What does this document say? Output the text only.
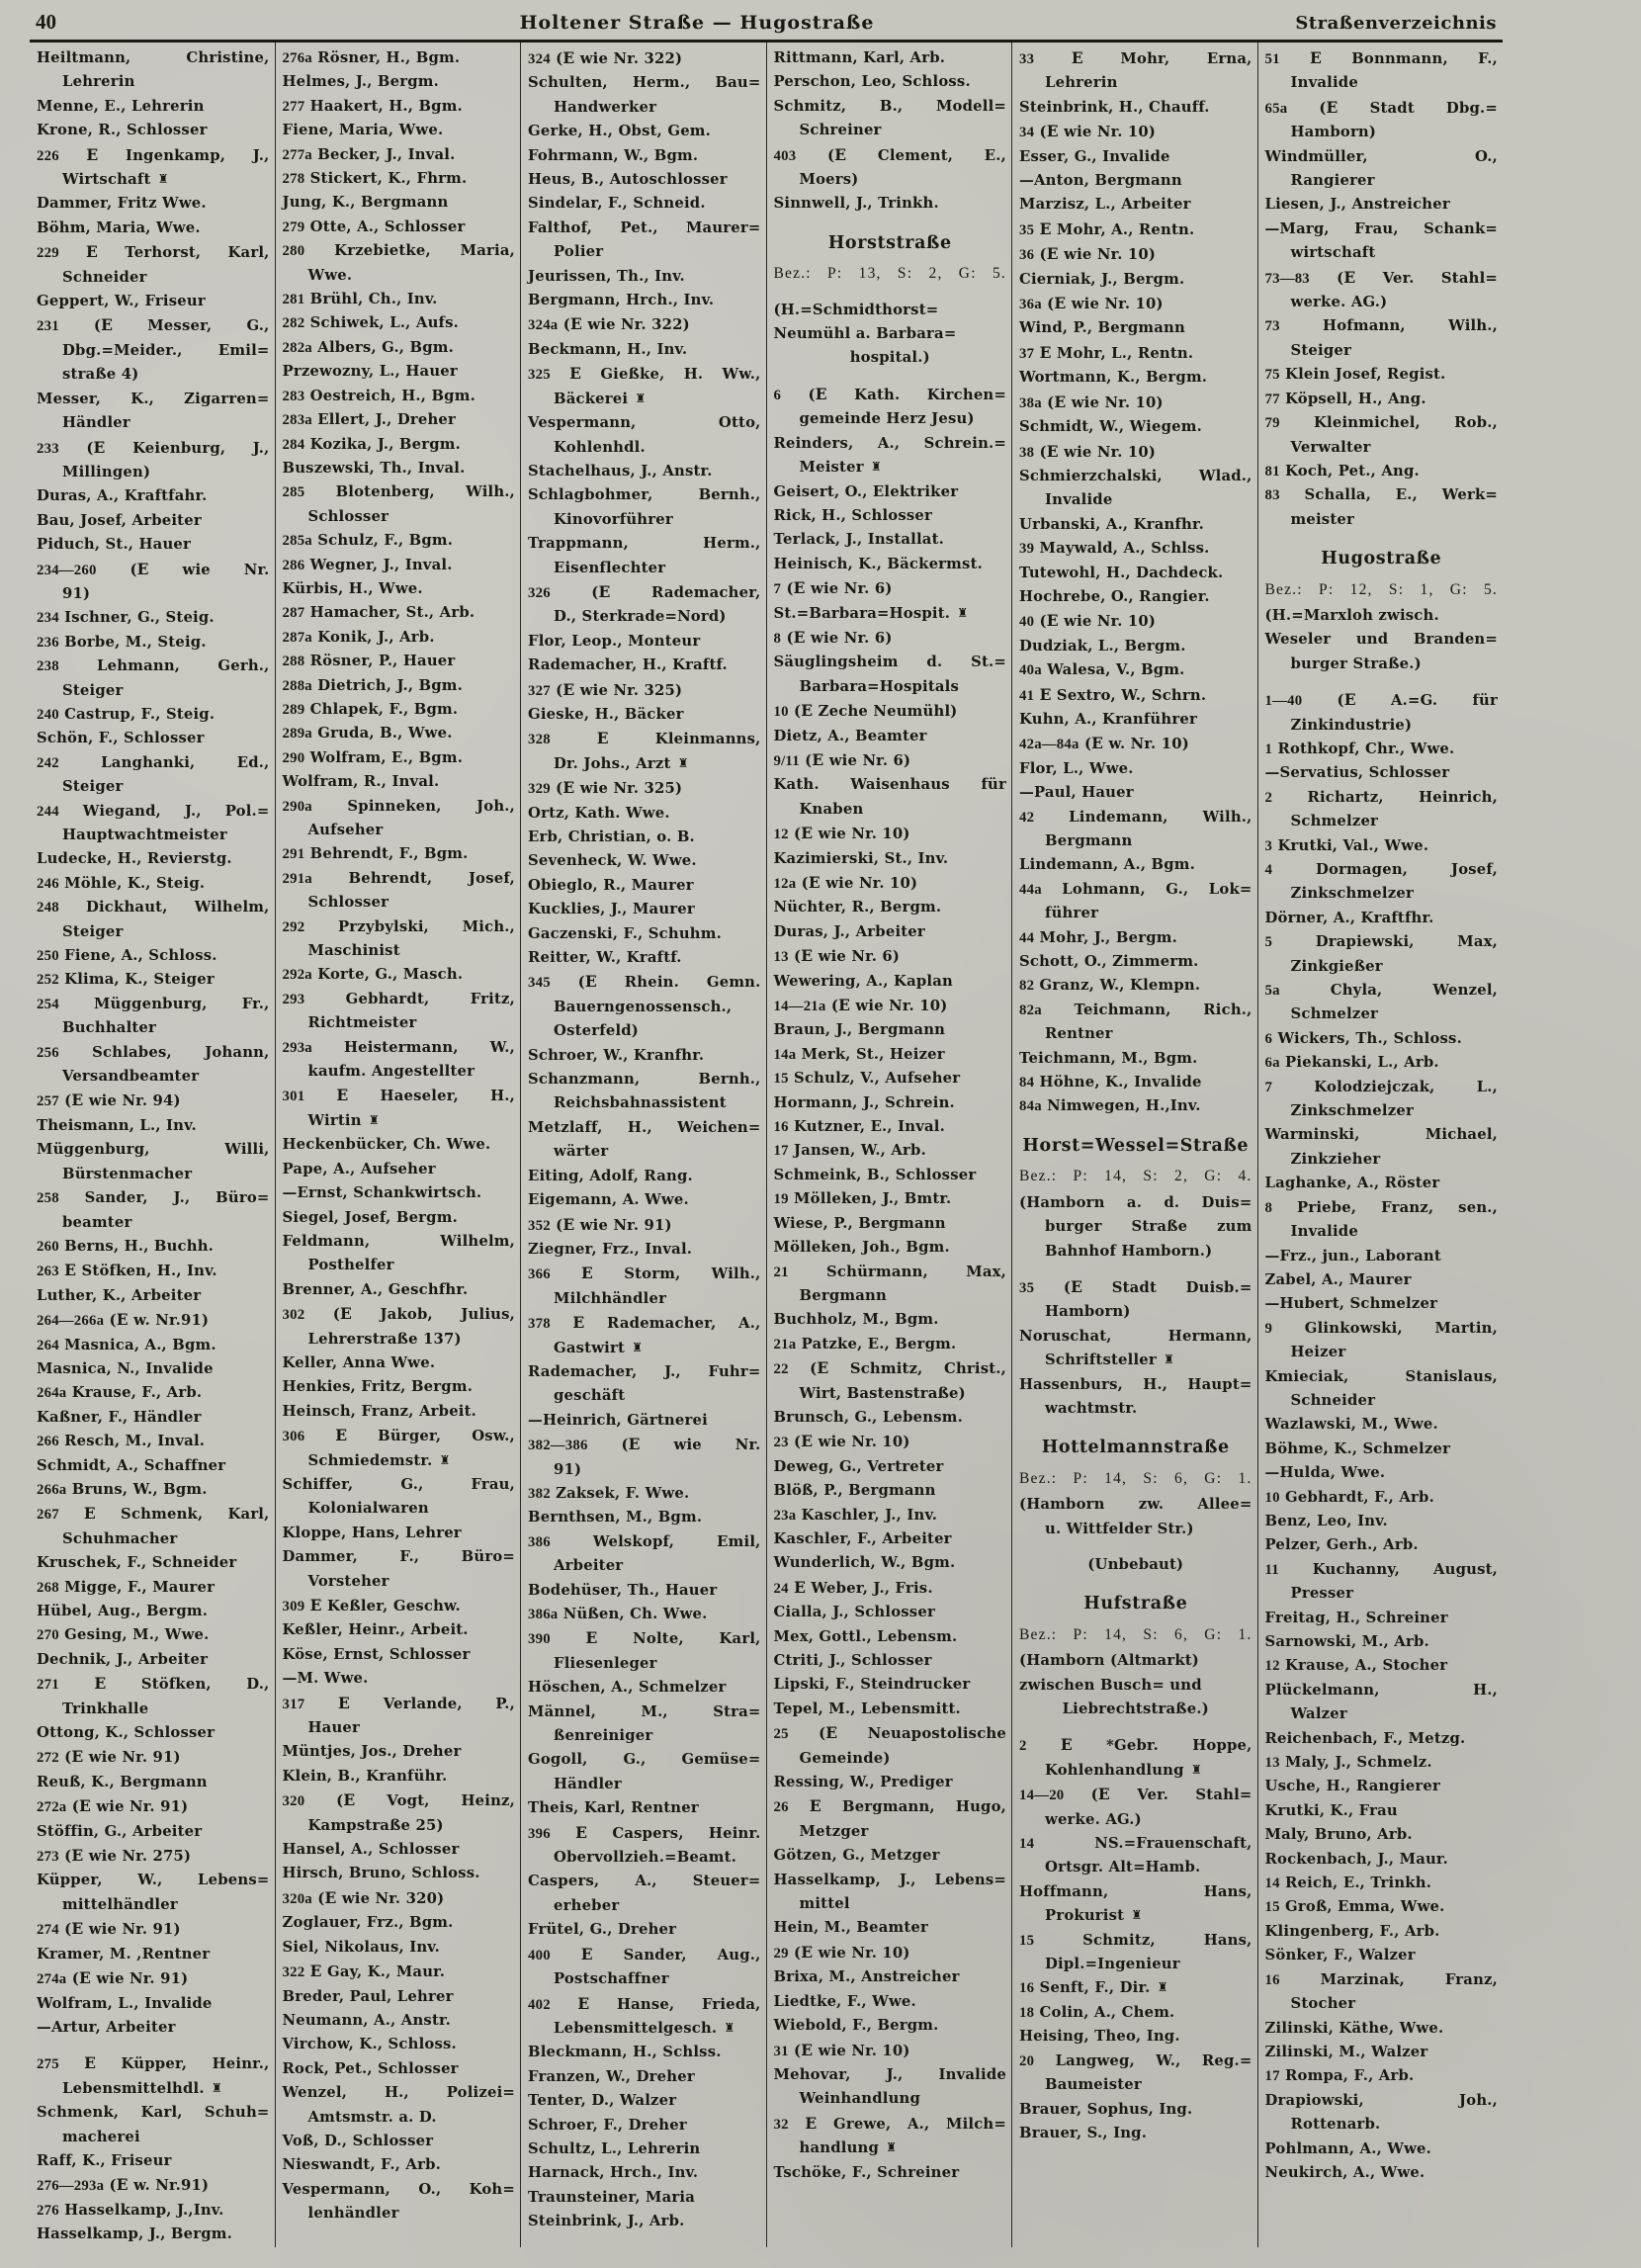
40	Holtener Straße — Hugostraße	Straßenverzeichnis
Heiltmann, Christine,
Lehrerin
Menne, E., Lehrerin
Krone, R., Schlosser
226 E Ingenkamp, J.,
Wirtschaft ♜
Dammer, Fritz Wwe.
Böhm, Maria, Wwe.
229 E Terhorst, Karl,
Schneider
Geppert, W., Friseur
231 (E Messer, G.,
Dbg.=Meider., Emil=
straße 4)
Messer, K., Zigarren=
Händler
233 (E Keienburg, J.,
Millingen)
Duras, A., Kraftfahr.
Bau, Josef, Arbeiter
Piduch, St., Hauer
234—260 (E wie Nr.
91)
234 Ischner, G., Steig.
236 Borbe, M., Steig.
238 Lehmann, Gerh.,
Steiger
240 Castrup, F., Steig.
Schön, F., Schlosser
242 Langhanki, Ed.,
Steiger
244 Wiegand, J., Pol.=
Hauptwachtmeister
Ludecke, H., Revierstg.
246 Möhle, K., Steig.
248 Dickhaut, Wilhelm,
Steiger
250 Fiene, A., Schloss.
252 Klima, K., Steiger
254 Müggenburg, Fr.,
Buchhalter
256 Schlabes, Johann,
Versandbeamter
257 (E wie Nr. 94)
Theismann, L., Inv.
Müggenburg, Willi,
Bürstenmacher
258 Sander, J., Büro=
beamter
260 Berns, H., Buchh.
263 E Stöfken, H., Inv.
Luther, K., Arbeiter
264—266a (E w. Nr.91)
264 Masnica, A., Bgm.
Masnica, N., Invalide
264a Krause, F., Arb.
Kaßner, F., Händler
266 Resch, M., Inval.
Schmidt, A., Schaffner
266a Bruns, W., Bgm.
267 E Schmenk, Karl,
Schuhmacher
Kruschek, F., Schneider
268 Migge, F., Maurer
Hübel, Aug., Bergm.
270 Gesing, M., Wwe.
Dechnik, J., Arbeiter
271 E Stöfken, D.,
Trinkhalle
Ottong, K., Schlosser
272 (E wie Nr. 91)
Reuß, K., Bergmann
272a (E wie Nr. 91)
Stöffin, G., Arbeiter
273 (E wie Nr. 275)
Küpper, W., Lebens=
mittelhändler
274 (E wie Nr. 91)
Kramer, M. ,Rentner
274a (E wie Nr. 91)
Wolfram, L., Invalide
—Artur, Arbeiter
275 E Küpper, Heinr.,
Lebensmittelhdl. ♜
Schmenk, Karl, Schuh=
macherei
Raff, K., Friseur
276—293a (E w. Nr.91)
276 Hasselkamp, J.,Inv.
Hasselkamp, J., Bergm.
276a Rösner, H., Bgm.
Helmes, J., Bergm.
277 Haakert, H., Bgm.
Fiene, Maria, Wwe.
277a Becker, J., Inval.
278 Stickert, K., Fhrm.
Jung, K., Bergmann
279 Otte, A., Schlosser
280 Krzebietke, Maria,
Wwe.
281 Brühl, Ch., Inv.
282 Schiwek, L., Aufs.
282a Albers, G., Bgm.
Przewozny, L., Hauer
283 Oestreich, H., Bgm.
283a Ellert, J., Dreher
284 Kozika, J., Bergm.
Buszewski, Th., Inval.
285 Blotenberg, Wilh.,
Schlosser
285a Schulz, F., Bgm.
286 Wegner, J., Inval.
Kürbis, H., Wwe.
287 Hamacher, St., Arb.
287a Konik, J., Arb.
288 Rösner, P., Hauer
288a Dietrich, J., Bgm.
289 Chlapek, F., Bgm.
289a Gruda, B., Wwe.
290 Wolfram, E., Bgm.
Wolfram, R., Inval.
290a Spinneken, Joh.,
Aufseher
291 Behrendt, F., Bgm.
291a Behrendt, Josef,
Schlosser
292 Przybylski, Mich.,
Maschinist
292a Korte, G., Masch.
293 Gebhardt, Fritz,
Richtmeister
293a Heistermann, W.,
kaufm. Angestellter
301 E Haeseler, H.,
Wirtin ♜
Heckenbücker, Ch. Wwe.
Pape, A., Aufseher
—Ernst, Schankwirtsch.
Siegel, Josef, Bergm.
Feldmann, Wilhelm,
Posthelfer
Brenner, A., Geschfhr.
302 (E Jakob, Julius,
Lehrerstraße 137)
Keller, Anna Wwe.
Henkies, Fritz, Bergm.
Heinsch, Franz, Arbeit.
306 E Bürger, Osw.,
Schmiedemstr. ♜
Schiffer, G., Frau,
Kolonialwaren
Kloppe, Hans, Lehrer
Dammer, F., Büro=
Vorsteher
309 E Keßler, Geschw.
Keßler, Heinr., Arbeit.
Köse, Ernst, Schlosser
—M. Wwe.
317 E Verlande, P.,
Hauer
Müntjes, Jos., Dreher
Klein, B., Kranführ.
320 (E Vogt, Heinz,
Kampstraße 25)
Hansel, A., Schlosser
Hirsch, Bruno, Schloss.
320a (E wie Nr. 320)
Zoglauer, Frz., Bgm.
Siel, Nikolaus, Inv.
322 E Gay, K., Maur.
Breder, Paul, Lehrer
Neumann, A., Anstr.
Virchow, K., Schloss.
Rock, Pet., Schlosser
Wenzel, H., Polizei=
Amtsmstr. a. D.
Voß, D., Schlosser
Nieswandt, F., Arb.
Vespermann, O., Koh=
lenhändler
324 (E wie Nr. 322)
Schulten, Herm., Bau=
Handwerker
Gerke, H., Obst, Gem.
Fohrmann, W., Bgm.
Heus, B., Autoschlosser
Sindelar, F., Schneid.
Falthof, Pet., Maurer=
Polier
Jeurissen, Th., Inv.
Bergmann, Hrch., Inv.
324a (E wie Nr. 322)
Beckmann, H., Inv.
325 E Gießke, H. Ww.,
Bäckerei ♜
Vespermann, Otto,
Kohlenhdl.
Stachelhaus, J., Anstr.
Schlagbohmer, Bernh.,
Kinovorführer
Trappmann, Herm.,
Eisenflechter
326 (E Rademacher,
D., Sterkrade=Nord)
Flor, Leop., Monteur
Rademacher, H., Kraftf.
327 (E wie Nr. 325)
Gieske, H., Bäcker
328	E Kleinmanns,
Dr. Johs., Arzt ♜
329 (E wie Nr. 325)
Ortz, Kath. Wwe.
Erb, Christian, o. B.
Sevenheck, W. Wwe.
Obieglo, R., Maurer
Kucklies, J., Maurer
Gaczenski, F., Schuhm.
Reitter, W., Kraftf.
345 (E Rhein. Gemn.
Bauerngenossensch.,
Osterfeld)
Schroer, W., Kranfhr.
Schanzmann, Bernh.,
Reichsbahnassistent
Metzlaff, H., Weichen=
wärter
Eiting, Adolf, Rang.
Eigemann, A. Wwe.
352 (E wie Nr. 91)
Ziegner, Frz., Inval.
366 E Storm, Wilh.,
Milchhändler
378 E Rademacher, A.,
Gastwirt ♜
Rademacher, J., Fuhr=
geschäft
—Heinrich, Gärtnerei
382—386 (E wie Nr.
91)
382 Zaksek, F. Wwe.
Bernthsen, M., Bgm.
386 Welskopf, Emil,
Arbeiter
Bodehüser, Th., Hauer
386a Nüßen, Ch. Wwe.
390 E Nolte, Karl,
Fliesenleger
Höschen, A., Schmelzer
Männel, M., Stra=
ßenreiniger
Gogoll, G., Gemüse=
Händler
Theis, Karl, Rentner
396 E Caspers, Heinr.
Obervollzieh.=Beamt.
Caspers, A., Steuer=
erheber
Frütel, G., Dreher
400 E Sander, Aug.,
Postschaffner
402 E Hanse, Frieda,
Lebensmittelgesch. ♜
Bleckmann, H., Schlss.
Franzen, W., Dreher
Tenter, D., Walzer
Schroer, F., Dreher
Schultz, L., Lehrerin
Harnack, Hrch., Inv.
Traunsteiner, Maria
Steinbrink, J., Arb.
Rittmann, Karl, Arb.
Perschon, Leo, Schloss.
Schmitz, B., Modell=
Schreiner
403 (E Clement, E.,
Moers)
Sinnwell, J., Trinkh.
Horststraße
Bez.: P: 13, S: 2, G: 5.
(H.=Schmidthorst=
Neumühl a. Barbara=
hospital.)
6 (E Kath. Kirchen=
gemeinde Herz Jesu)
Reinders, A., Schrein.=
Meister ♜
Geisert, O., Elektriker
Rick, H., Schlosser
Terlack, J., Installat.
Heinisch, K., Bäckermst.
7 (E wie Nr. 6)
St.=Barbara=Hospit. ♜
8 (E wie Nr. 6)
Säuglingsheim d. St.=
Barbara=Hospitals
10 (E Zeche Neumühl)
Dietz, A., Beamter
9/11 (E wie Nr. 6)
Kath. Waisenhaus für
Knaben
12 (E wie Nr. 10)
Kazimierski, St., Inv.
12a (E wie Nr. 10)
Nüchter, R., Bergm.
Duras, J., Arbeiter
13 (E wie Nr. 6)
Wewering, A., Kaplan
14—21a (E wie Nr. 10)
Braun, J., Bergmann
14a Merk, St., Heizer
15 Schulz, V., Aufseher
Hormann, J., Schrein.
16 Kutzner, E., Inval.
17 Jansen, W., Arb.
Schmeink, B., Schlosser
19 Mölleken, J., Bmtr.
Wiese, P., Bergmann
Mölleken, Joh., Bgm.
21 Schürmann, Max,
Bergmann
Buchholz, M., Bgm.
21a Patzke, E., Bergm.
22 (E Schmitz, Christ.,
Wirt, Bastenstraße)
Brunsch, G., Lebensm.
23 (E wie Nr. 10)
Deweg, G., Vertreter
Blöß, P., Bergmann
23a Kaschler, J., Inv.
Kaschler, F., Arbeiter
Wunderlich, W., Bgm.
24 E Weber, J., Fris.
Cialla, J., Schlosser
Mex, Gottl., Lebensm.
Ctriti, J., Schlosser
Lipski, F., Steindrucker
Tepel, M., Lebensmitt.
25 (E Neuapostolische
Gemeinde)
Ressing, W., Prediger
26 E Bergmann, Hugo,
Metzger
Götzen, G., Metzger
Hasselkamp, J., Lebens=
mittel
Hein, M., Beamter
29 (E wie Nr. 10)
Brixa, M., Anstreicher
Liedtke, F., Wwe.
Wiebold, F., Bergm.
31 (E wie Nr. 10)
Mehovar, J., Invalide
Weinhandlung
32 E Grewe, A., Milch=
handlung ♜
Tschöke, F., Schreiner
33 E Mohr, Erna,
Lehrerin
Steinbrink, H., Chauff.
34 (E wie Nr. 10)
Esser, G., Invalide
—Anton, Bergmann
Marzisz, L., Arbeiter
35 E Mohr, A., Rentn.
36 (E wie Nr. 10)
Cierniak, J., Bergm.
36a (E wie Nr. 10)
Wind, P., Bergmann
37 E Mohr, L., Rentn.
Wortmann, K., Bergm.
38a (E wie Nr. 10)
Schmidt, W., Wiegem.
38 (E wie Nr. 10)
Schmierzchalski, Wlad.,
Invalide
Urbanski, A., Kranfhr.
39 Maywald, A., Schlss.
Tutewohl, H., Dachdeck.
Hochrebe, O., Rangier.
40 (E wie Nr. 10)
Dudziak, L., Bergm.
40a Walesa, V., Bgm.
41 E Sextro, W., Schrn.
Kuhn, A., Kranführer
42a—84a (E w. Nr. 10)
Flor, L., Wwe.
—Paul, Hauer
42 Lindemann, Wilh.,
Bergmann
Lindemann, A., Bgm.
44a Lohmann, G., Lok=
führer
44 Mohr, J., Bergm.
Schott, O., Zimmerm.
82 Granz, W., Klempn.
82a Teichmann, Rich.,
Rentner
Teichmann, M., Bgm.
84 Höhne, K., Invalide
84a Nimwegen, H.,Inv.
Horst=Wessel=Straße
Bez.: P: 14, S: 2, G: 4.
(Hamborn a. d. Duis=
burger Straße zum
Bahnhof Hamborn.)
35 (E Stadt Duisb.=
Hamborn)
Noruschat, Hermann,
Schriftsteller ♜
Hassenburs, H., Haupt=
wachtmstr.
Hottelmannstraße
Bez.: P: 14, S: 6, G: 1.
(Hamborn zw. Allee=
u. Wittfelder Str.)
(Unbebaut)
Hufstraße
Bez.: P: 14, S: 6, G: 1.
(Hamborn (Altmarkt)
zwischen Busch= und
Liebrechtstraße.)
2 E *Gebr. Hoppe,
Kohlenhandlung ♜
14—20 (E Ver. Stahl=
werke. AG.)
14 NS.=Frauenschaft,
Ortsgr. Alt=Hamb.
Hoffmann, Hans,
Prokurist ♜
15 Schmitz, Hans,
Dipl.=Ingenieur
16 Senft, F., Dir. ♜
18 Colin, A., Chem.
Heising, Theo, Ing.
20 Langweg, W., Reg.=
Baumeister
Brauer, Sophus, Ing.
Brauer, S., Ing.
51 E Bonnmann, F.,
Invalide
65a (E Stadt Dbg.=
Hamborn)
Windmüller, O.,
Rangierer
Liesen, J., Anstreicher
—Marg, Frau, Schank=
wirtschaft
73—83 (E Ver. Stahl=
werke. AG.)
73 Hofmann, Wilh.,
Steiger
75 Klein Josef, Regist.
77 Köpsell, H., Ang.
79 Kleinmichel, Rob.,
Verwalter
81 Koch, Pet., Ang.
83 Schalla, E., Werk=
meister
Hugostraße
Bez.: P: 12, S: 1, G: 5.
(H.=Marxloh zwisch.
Weseler und Branden=
burger Straße.)
1—40 (E A.=G. für
Zinkindustrie)
1 Rothkopf, Chr., Wwe.
—Servatius, Schlosser
2 Richartz, Heinrich,
Schmelzer
3 Krutki, Val., Wwe.
4 Dormagen, Josef,
Zinkschmelzer
Dörner, A., Kraftfhr.
5 Drapiewski, Max,
Zinkgießer
5a Chyla, Wenzel,
Schmelzer
6 Wickers, Th., Schloss.
6a Piekanski, L., Arb.
7 Kolodziejczak, L.,
Zinkschmelzer
Warminski, Michael,
Zinkzieher
Laghanke, A., Röster
8 Priebe, Franz, sen.,
Invalide
—Frz., jun., Laborant
Zabel, A., Maurer
—Hubert, Schmelzer
9 Glinkowski, Martin,
Heizer
Kmieciak, Stanislaus,
Schneider
Wazlawski, M., Wwe.
Böhme, K., Schmelzer
—Hulda, Wwe.
10 Gebhardt, F., Arb.
Benz, Leo, Inv.
Pelzer, Gerh., Arb.
11 Kuchanny, August,
Presser
Freitag, H., Schreiner
Sarnowski, M., Arb.
12 Krause, A., Stocher
Plückelmann, H.,
Walzer
Reichenbach, F., Metzg.
13 Maly, J., Schmelz.
Usche, H., Rangierer
Krutki, K., Frau
Maly, Bruno, Arb.
Rockenbach, J., Maur.
14 Reich, E., Trinkh.
15 Groß, Emma, Wwe.
Klingenberg, F., Arb.
Sönker, F., Walzer
16 Marzinak, Franz,
Stocher
Zilinski, Käthe, Wwe.
Zilinski, M., Walzer
17 Rompa, F., Arb.
Drapiowski, Joh.,
Rottenarb.
Pohlmann, A., Wwe.
Neukirch, A., Wwe.
